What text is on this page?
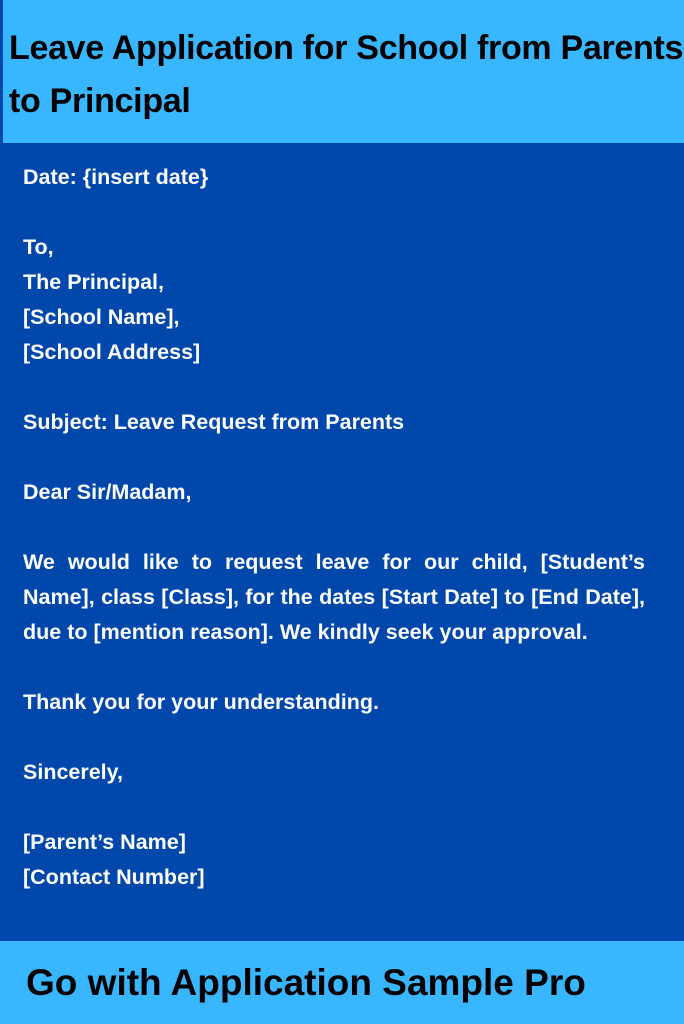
Leave Application for School from Parents to Principal
Date: {insert date}
To,
The Principal,
[School Name],
[School Address]
Subject: Leave Request from Parents
Dear Sir/Madam,
We would like to request leave for our child, [Student’s Name], class [Class], for the dates [Start Date] to [End Date], due to [mention reason]. We kindly seek your approval.
Thank you for your understanding.
Sincerely,
[Parent’s Name]
[Contact Number]
Go with Application Sample Pro
